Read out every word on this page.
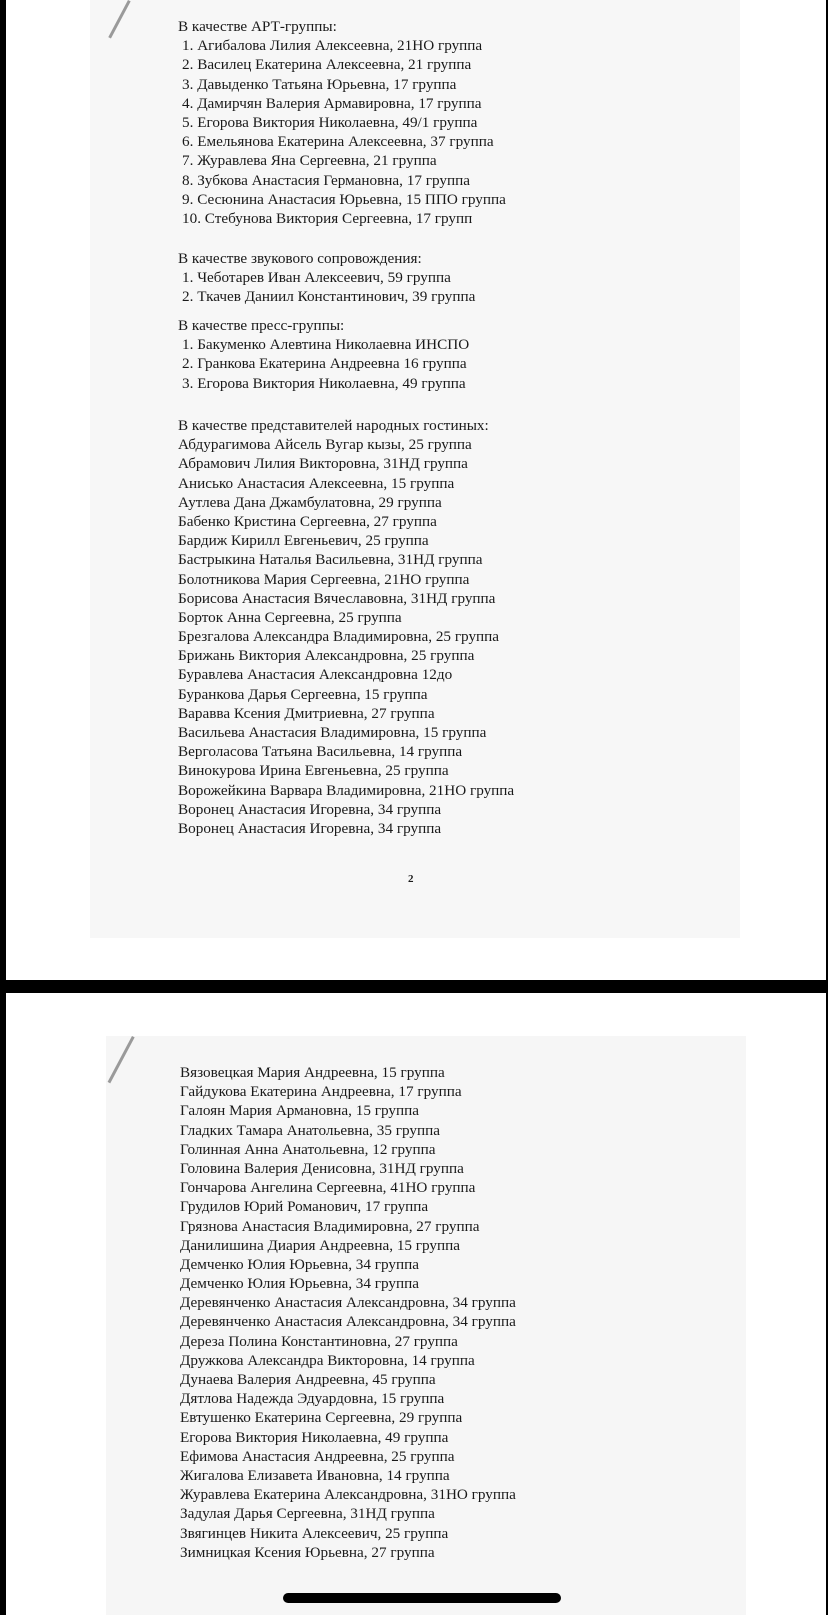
В качестве АРТ-группы:
1. Агибалова Лилия Алексеевна, 21НО группа
2. Василец Екатерина Алексеевна, 21 группа
3. Давыденко Татьяна Юрьевна, 17 группа
4. Дамирчян Валерия Армавировна, 17 группа
5. Егорова Виктория Николаевна, 49/1 группа
6. Емельянова Екатерина Алексеевна, 37 группа
7. Журавлева Яна Сергеевна, 21 группа
8. Зубкова Анастасия Германовна, 17 группа
9. Сесюнина Анастасия Юрьевна, 15 ППО группа
10. Стебунова Виктория Сергеевна, 17 групп
В качестве звукового сопровождения:
1. Чеботарев Иван Алексеевич, 59 группа
2. Ткачев Даниил Константинович, 39 группа
В качестве пресс-группы:
1. Бакуменко Алевтина Николаевна ИНСПО
2. Гранкова Екатерина Андреевна 16 группа
3. Егорова Виктория Николаевна, 49 группа
В качестве представителей народных гостиных:
Абдурагимова Айсель Вугар кызы, 25 группа
Абрамович Лилия Викторовна, 31НД группа
Анисько Анастасия Алексеевна, 15 группа
Аутлева Дана Джамбулатовна, 29 группа
Бабенко Кристина Сергеевна, 27 группа
Бардиж Кирилл Евгеньевич, 25 группа
Бастрыкина Наталья Васильевна, 31НД группа
Болотникова Мария Сергеевна, 21НО группа
Борисова Анастасия Вячеславовна, 31НД группа
Борток Анна Сергеевна, 25 группа
Брезгалова Александра Владимировна, 25 группа
Брижань Виктория Александровна, 25 группа
Буравлева Анастасия Александровна 12до
Буранкова Дарья Сергеевна, 15 группа
Варавва Ксения Дмитриевна, 27 группа
Васильева Анастасия Владимировна, 15 группа
Верголасова Татьяна Васильевна, 14 группа
Винокурова Ирина Евгеньевна, 25 группа
Ворожейкина Варвара Владимировна, 21НО группа
Воронец Анастасия Игоревна, 34 группа
Воронец Анастасия Игоревна, 34 группа
2
Вязовецкая Мария Андреевна, 15 группа
Гайдукова Екатерина Андреевна, 17 группа
Галоян Мария Армановна, 15 группа
Гладких Тамара Анатольевна, 35 группа
Голинная Анна Анатольевна, 12 группа
Головина Валерия Денисовна, 31НД группа
Гончарова Ангелина Сергеевна, 41НО группа
Грудилов Юрий Романович, 17 группа
Грязнова Анастасия Владимировна, 27 группа
Данилишина Диария Андреевна, 15 группа
Демченко Юлия Юрьевна, 34 группа
Демченко Юлия Юрьевна, 34 группа
Деревянченко Анастасия Александровна, 34 группа
Деревянченко Анастасия Александровна, 34 группа
Дереза Полина Константиновна, 27 группа
Дружкова Александра Викторовна, 14 группа
Дунаева Валерия Андреевна, 45 группа
Дятлова Надежда Эдуардовна, 15 группа
Евтушенко Екатерина Сергеевна, 29 группа
Егорова Виктория Николаевна, 49 группа
Ефимова Анастасия Андреевна, 25 группа
Жигалова Елизавета Ивановна, 14 группа
Журавлева Екатерина Александровна, 31НО группа
Задулая Дарья Сергеевна, 31НД группа
Звягинцев Никита Алексеевич, 25 группа
Зимницкая Ксения Юрьевна, 27 группа
